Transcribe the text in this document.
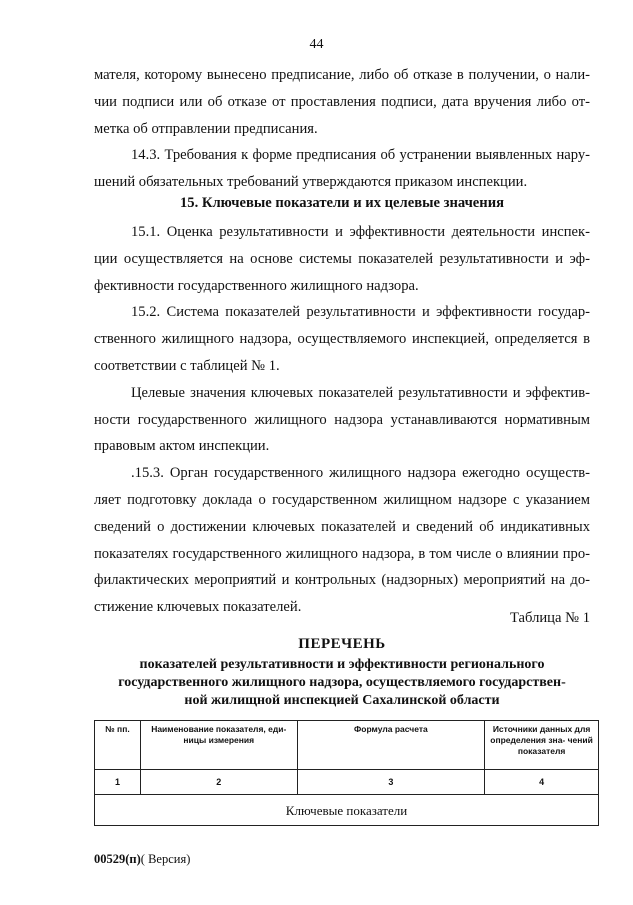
44
мателя, которому вынесено предписание, либо об отказе в получении, о нали-
чии подписи или об отказе от проставления подписи, дата вручения либо от-
метка об отправлении предписания.
14.3. Требования к форме предписания об устранении выявленных нару-
шений обязательных требований утверждаются приказом инспекции.
15. Ключевые показатели и их целевые значения
15.1. Оценка результативности и эффективности деятельности инспек-
ции осуществляется на основе системы показателей результативности и эф-
фективности государственного жилищного надзора.
15.2. Система показателей результативности и эффективности государ-
ственного жилищного надзора, осуществляемого инспекцией, определяется в
соответствии с таблицей № 1.
Целевые значения ключевых показателей результативности и эффектив-
ности государственного жилищного надзора устанавливаются нормативным
правовым актом инспекции.
.15.3. Орган государственного жилищного надзора ежегодно осуществ-
ляет подготовку доклада о государственном жилищном надзоре с указанием
сведений о достижении ключевых показателей и сведений об индикативных
показателях государственного жилищного надзора, в том числе о влиянии про-
филактических мероприятий и контрольных (надзорных) мероприятий на до-
стижение ключевых показателей.
Таблица № 1
ПЕРЕЧЕНЬ
показателей результативности и эффективности регионального
государственного жилищного надзора, осуществляемого государствен-
ной жилищной инспекцией Сахалинской области
№ пп.	Наименование показателя, еди- ницы измерения	Формула расчета	Источники данных для определения зна- чений показателя
1	2	3	4
Ключевые показатели			
00529(п)( Версия)
